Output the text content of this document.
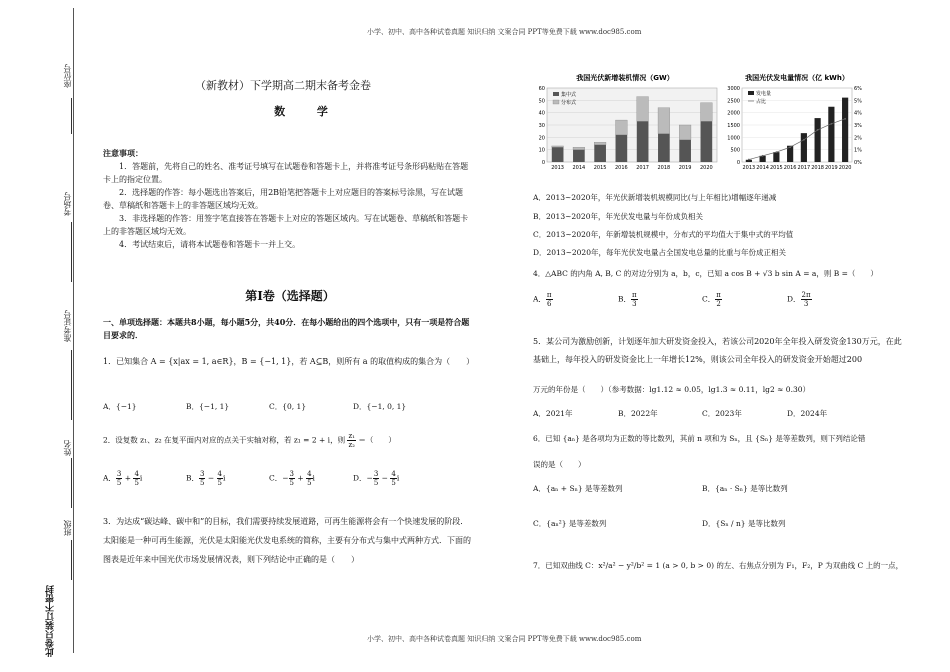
小学、初中、高中各种试卷真题 知识归纳 文案合同 PPT等免费下载 www.doc985.com
小学、初中、高中各种试卷真题 知识归纳 文案合同 PPT等免费下载 www.doc985.com
座位号
考场号
准考证号
姓名
班级
此卷只装订不密封
（新教材）下学期高二期末备考金卷
数 学
注意事项：
1．答题前，先将自己的姓名、准考证号填写在试题卷和答题卡上，并将准考证号条形码粘贴在答题卡上的指定位置。
2．选择题的作答：每小题选出答案后，用2B铅笔把答题卡上对应题目的答案标号涂黑，写在试题卷、草稿纸和答题卡上的非答题区域均无效。
3．非选择题的作答：用签字笔直接答在答题卡上对应的答题区域内。写在试题卷、草稿纸和答题卡上的非答题区域均无效。
4．考试结束后，请将本试题卷和答题卡一并上交。
第Ⅰ卷（选择题）
一、单项选择题：本题共8小题，每小题5分，共40分．在每小题给出的四个选项中，只有一项是符合题目要求的．
1．已知集合 A = {x|ax = 1, a∈R}，B = {−1, 1}，若 A⊆B，则所有 a 的取值构成的集合为（　　）
A．{−1}	B．{−1, 1}	C．{0, 1}	D．{−1, 0, 1}
2．设复数 z₁、z₂ 在复平面内对应的点关于实轴对称，若 z₁ = 2 + i，则 $\frac{\text{z₁}}{\text{z₂}}$ ＝（　　）
A． $\frac{3}{5} + \frac{4}{5}$ i	B． $\frac{3}{5} - \frac{4}{5}$ i	C．− $\frac{3}{5} + \frac{4}{5}$ i	D．− $\frac{3}{5} - \frac{4}{5}$ i
3．为达成“碳达峰、碳中和”的目标，我们需要持续发展道路，可再生能源将会有一个快速发展的阶段．太阳能是一种可再生能源，光伏是太阳能光伏发电系统的简称，主要有分布式与集中式两种方式．下面的图表是近年来中国光伏市场发展情况表，则下列结论中正确的是（　　）
我国光伏新增装机情况（GW）
0
10
20
30
40
50
60
2013 2014 2015 2016 2017 2018 2019 2020
集中式
分布式
我国光伏发电量情况（亿 kWh）
0
500
1000
1500
2000
2500
3000
0%
1%
2%
3%
4%
5%
6%
2013 2014 2015 2016 2017 2018 2019 2020
发电量
占比
A．2013~2020年，年光伏新增装机规模同比(与上年相比)增幅逐年递减
B．2013~2020年，年光伏发电量与年份成负相关
C．2013~2020年，年新增装机规模中，分布式的平均值大于集中式的平均值
D．2013~2020年，每年光伏发电量占全国发电总量的比重与年份成正相关
4．△ABC 的内角 A, B, C 的对边分别为 a，b，c，已知 a cos B + √3 b sin A = a，则 B =（　　）
A． $\frac{\pi}{6}$	B． $\frac{\pi}{3}$	C． $\frac{\pi}{2}$	D． $\frac{2\pi}{3}$
5．某公司为激励创新，计划逐年加大研发资金投入，若该公司2020年全年投入研发资金130万元，在此基础上，每年投入的研发资金比上一年增长12%，则该公司全年投入的研发资金开始超过200
万元的年份是（　　）（参考数据：lg1.12 ≈ 0.05，lg1.3 ≈ 0.11，lg2 ≈ 0.30）
A．2021年	B．2022年	C．2023年	D．2024年
6．已知 {aₙ} 是各项均为正数的等比数列，其前 n 项和为 Sₙ，且 {Sₙ} 是等差数列，则下列结论错
误的是（　　）
A．{aₙ + Sₙ} 是等差数列	B．{aₙ · Sₙ} 是等比数列
C．{aₙ²} 是等差数列	D．{Sₙ / n} 是等比数列
7．已知双曲线 C：x²/a² − y²/b² = 1 (a > 0, b > 0) 的左、右焦点分别为 F₁，F₂，P 为双曲线 C 上的一点，
